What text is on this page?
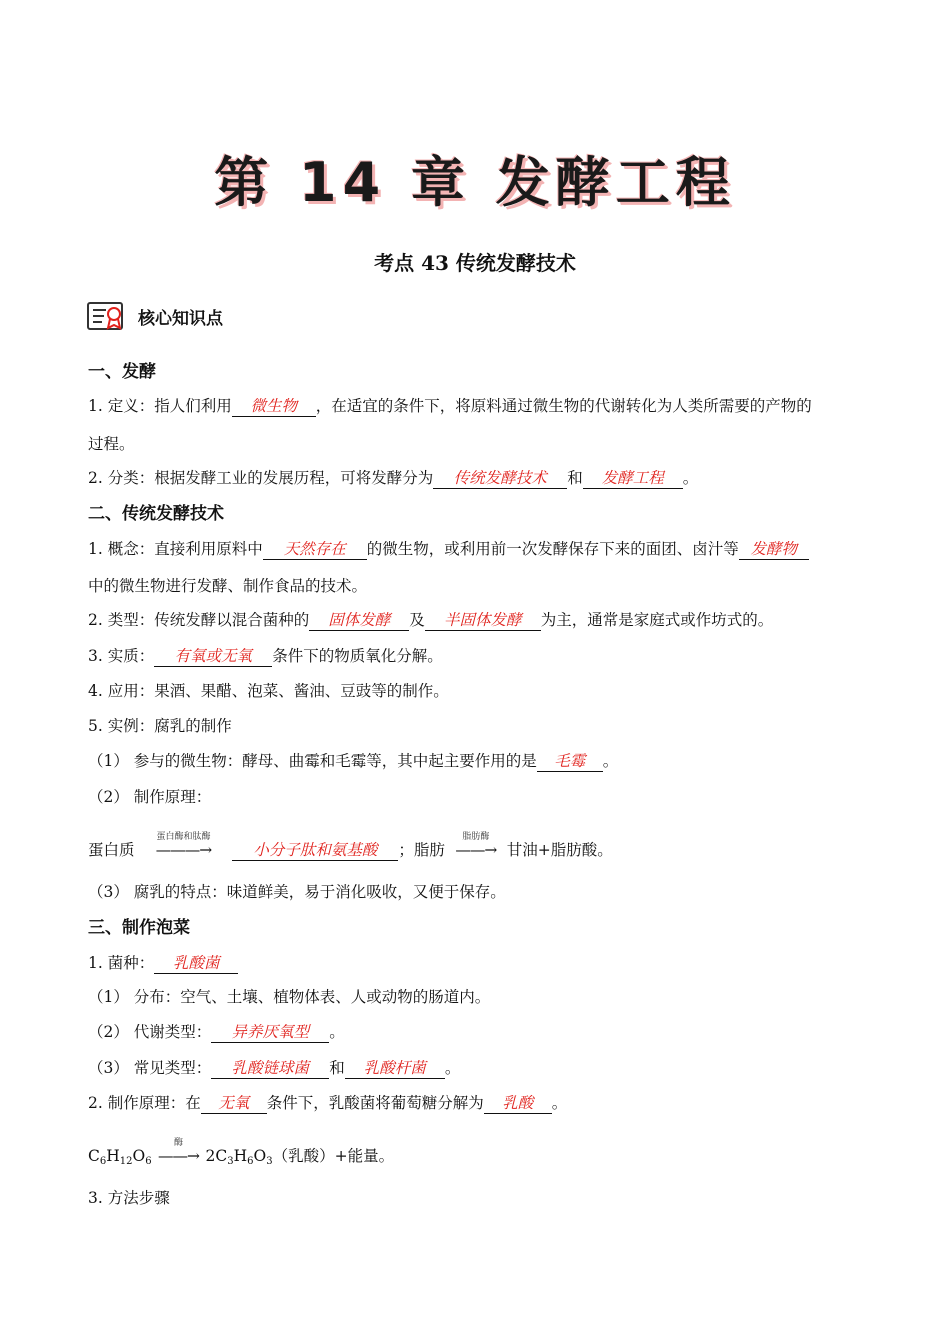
第 14 章 发酵工程
考点 43 传统发酵技术
核心知识点
一、发酵
1. 定义：指人们利用 微生物 ，在适宜的条件下，将原料通过微生物的代谢转化为人类所需要的产物的
过程。
2. 分类：根据发酵工业的发展历程，可将发酵分为 传统发酵技术 和 发酵工程 。
二、传统发酵技术
1. 概念：直接利用原料中 天然存在 的微生物，或利用前一次发酵保存下来的面团、卤汁等 发酵物
中的微生物进行发酵、制作食品的技术。
2. 类型：传统发酵以混合菌种的 固体发酵 及 半固体发酵 为主，通常是家庭式或作坊式的。
3. 实质： 有氧或无氧 条件下的物质氧化分解。
4. 应用：果酒、果醋、泡菜、酱油、豆豉等的制作。
5. 实例：腐乳的制作
（1） 参与的微生物：酵母、曲霉和毛霉等，其中起主要作用的是 毛霉 。
（2） 制作原理：
蛋白质
蛋白酶和肽酶
———→	小分子肽和氨基酸 ；脂肪
脂肪酶
——→ 甘油+脂肪酸。
（3） 腐乳的特点：味道鲜美，易于消化吸收，又便于保存。
三、制作泡菜
1. 菌种： 乳酸菌
（1） 分布：空气、土壤、植物体表、人或动物的肠道内。
（2） 代谢类型： 异养厌氧型 。
（3） 常见类型： 乳酸链球菌 和 乳酸杆菌 。
2. 制作原理：在 无氧 条件下，乳酸菌将葡萄糖分解为 乳酸 。
$C_6H_{12}O_6$
酶
——→ $2C_3H_6O_3$（乳酸）+能量。
3. 方法步骤
